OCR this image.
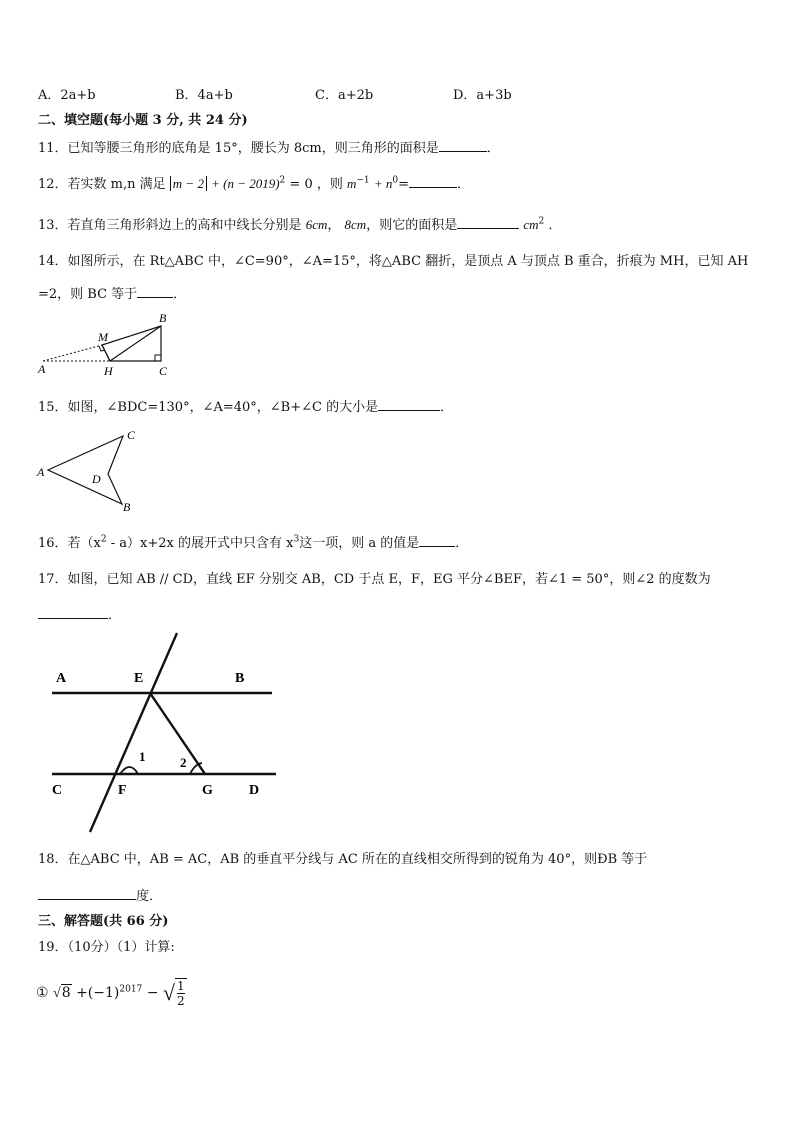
A．2a+b	B．4a+b	C．a+2b	D．a+3b
二、填空题(每小题 3 分, 共 24 分)
11．已知等腰三角形的底角是 15°，腰长为 8cm，则三角形的面积是	．
12．若实数 m,n 满足 $m - 2 + (n - 2019)^2 = 0$ ，则 $m^{-1} + n^0=$	．
13．若直角三角形斜边上的高和中线长分别是 6cm， 8cm，则它的面积是	$cm^2$ ．
14．如图所示，在 Rt△ABC 中，∠C=90°，∠A=15°，将△ABC 翻折，是顶点 A 与顶点 B 重合，折痕为 MH，已知 AH
=2，则 BC 等于	．
M
B
A	H	C
15．如图，∠BDC=130°，∠A=40°，∠B+∠C 的大小是	．
C
A	D
B
16．若$(x^2 - a)x+2x$ 的展开式中只含有 $x^3$这一项，则 a 的值是	．
17．如图，已知 AB // CD，直线 EF 分别交 AB，CD 于点 E，F，EG 平分∠BEF，若∠1 = 50°，则∠2 的度数为
．
A	E	B
C	F	G	D
1	2
18．在△ABC 中，AB = AC，AB 的垂直平分线与 AC 所在的直线相交所得到的锐角为 40°，则ÐB 等于
度．
三、解答题(共 66 分)
19．（10分）（1）计算:
① $√8 +(-1)^{2017}$ − √ $\frac{1}{2}$
